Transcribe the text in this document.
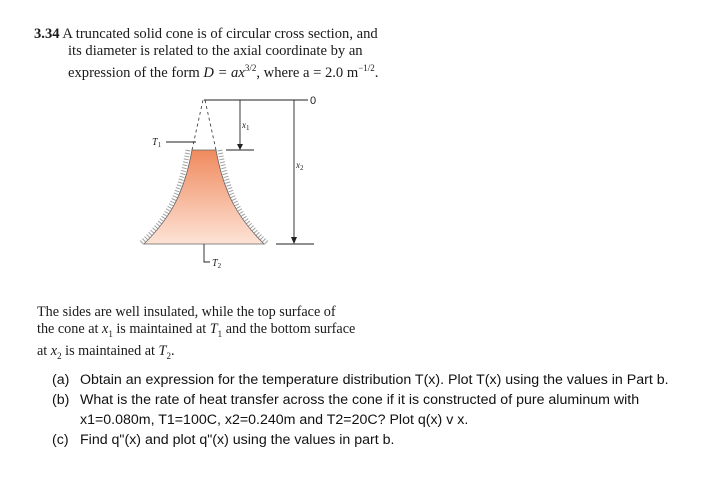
3.34 A truncated solid cone is of circular cross section, and
its diameter is related to the axial coordinate by an
expression of the form $D = ax^{3/2}$, where a = 2.0 $m^{-1/2}$.
0
$x_1$
$x_2$
$T_1$
$T_2$
The sides are well insulated, while the top surface of
the cone at $x_1$ is maintained at $T_1$ and the bottom surface
at $x_2$ is maintained at $T_2$.
(a) Obtain an expression for the temperature distribution T(x). Plot T(x) using the values in Part b.
(b) What is the rate of heat transfer across the cone if it is constructed of pure aluminum with x1=0.080m, T1=100C, x2=0.240m and T2=20C? Plot q(x) v x.
(c) Find q"(x) and plot q"(x) using the values in part b.
